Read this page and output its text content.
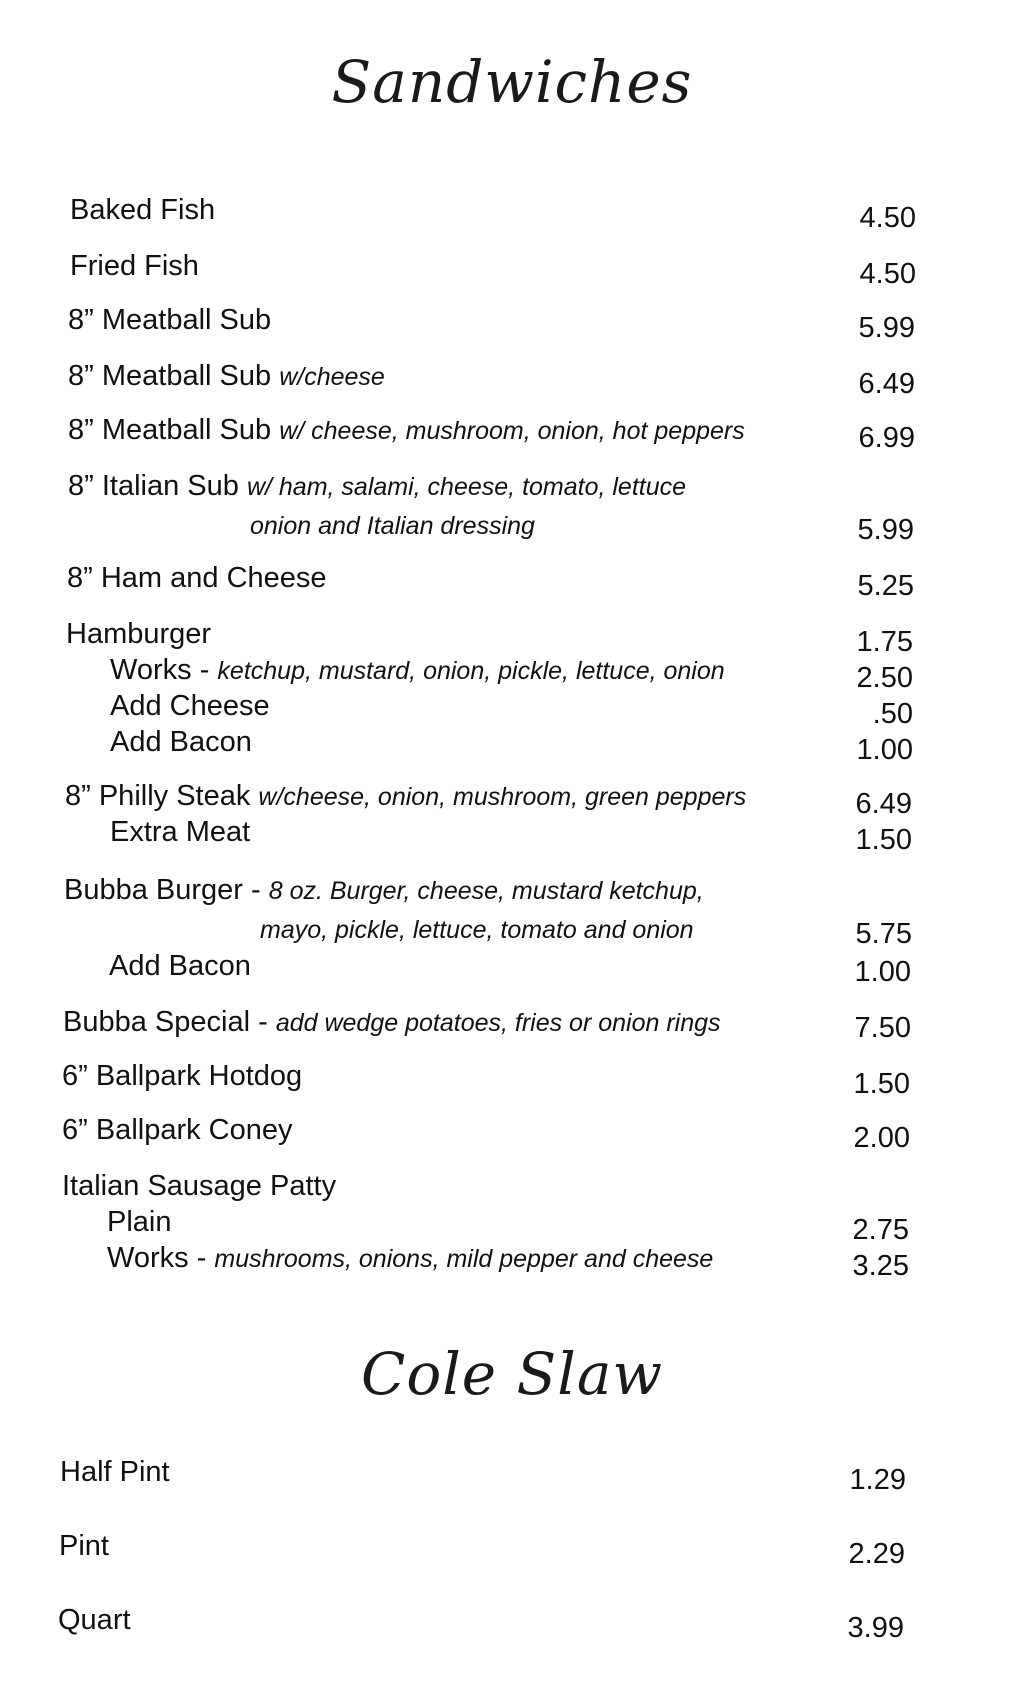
Sandwiches
Baked Fish	4.50
Fried Fish	4.50
8” Meatball Sub	5.99
8” Meatball Sub w/cheese	6.49
8” Meatball Sub w/ cheese, mushroom, onion, hot peppers	6.99
8” Italian Sub w/ ham, salami, cheese, tomato, lettuce
onion and Italian dressing	5.99
8” Ham and Cheese	5.25
Hamburger	1.75
Works - ketchup, mustard, onion, pickle, lettuce, onion	2.50
Add Cheese	.50
Add Bacon	1.00
8” Philly Steak w/cheese, onion, mushroom, green peppers	6.49
Extra Meat	1.50
Bubba Burger - 8 oz. Burger, cheese, mustard ketchup,
mayo, pickle, lettuce, tomato and onion	5.75
Add Bacon	1.00
Bubba Special - add wedge potatoes, fries or onion rings	7.50
6” Ballpark Hotdog	1.50
6” Ballpark Coney	2.00
Italian Sausage Patty
Plain	2.75
Works - mushrooms, onions, mild pepper and cheese	3.25
Cole Slaw
Half Pint	1.29
Pint	2.29
Quart	3.99
